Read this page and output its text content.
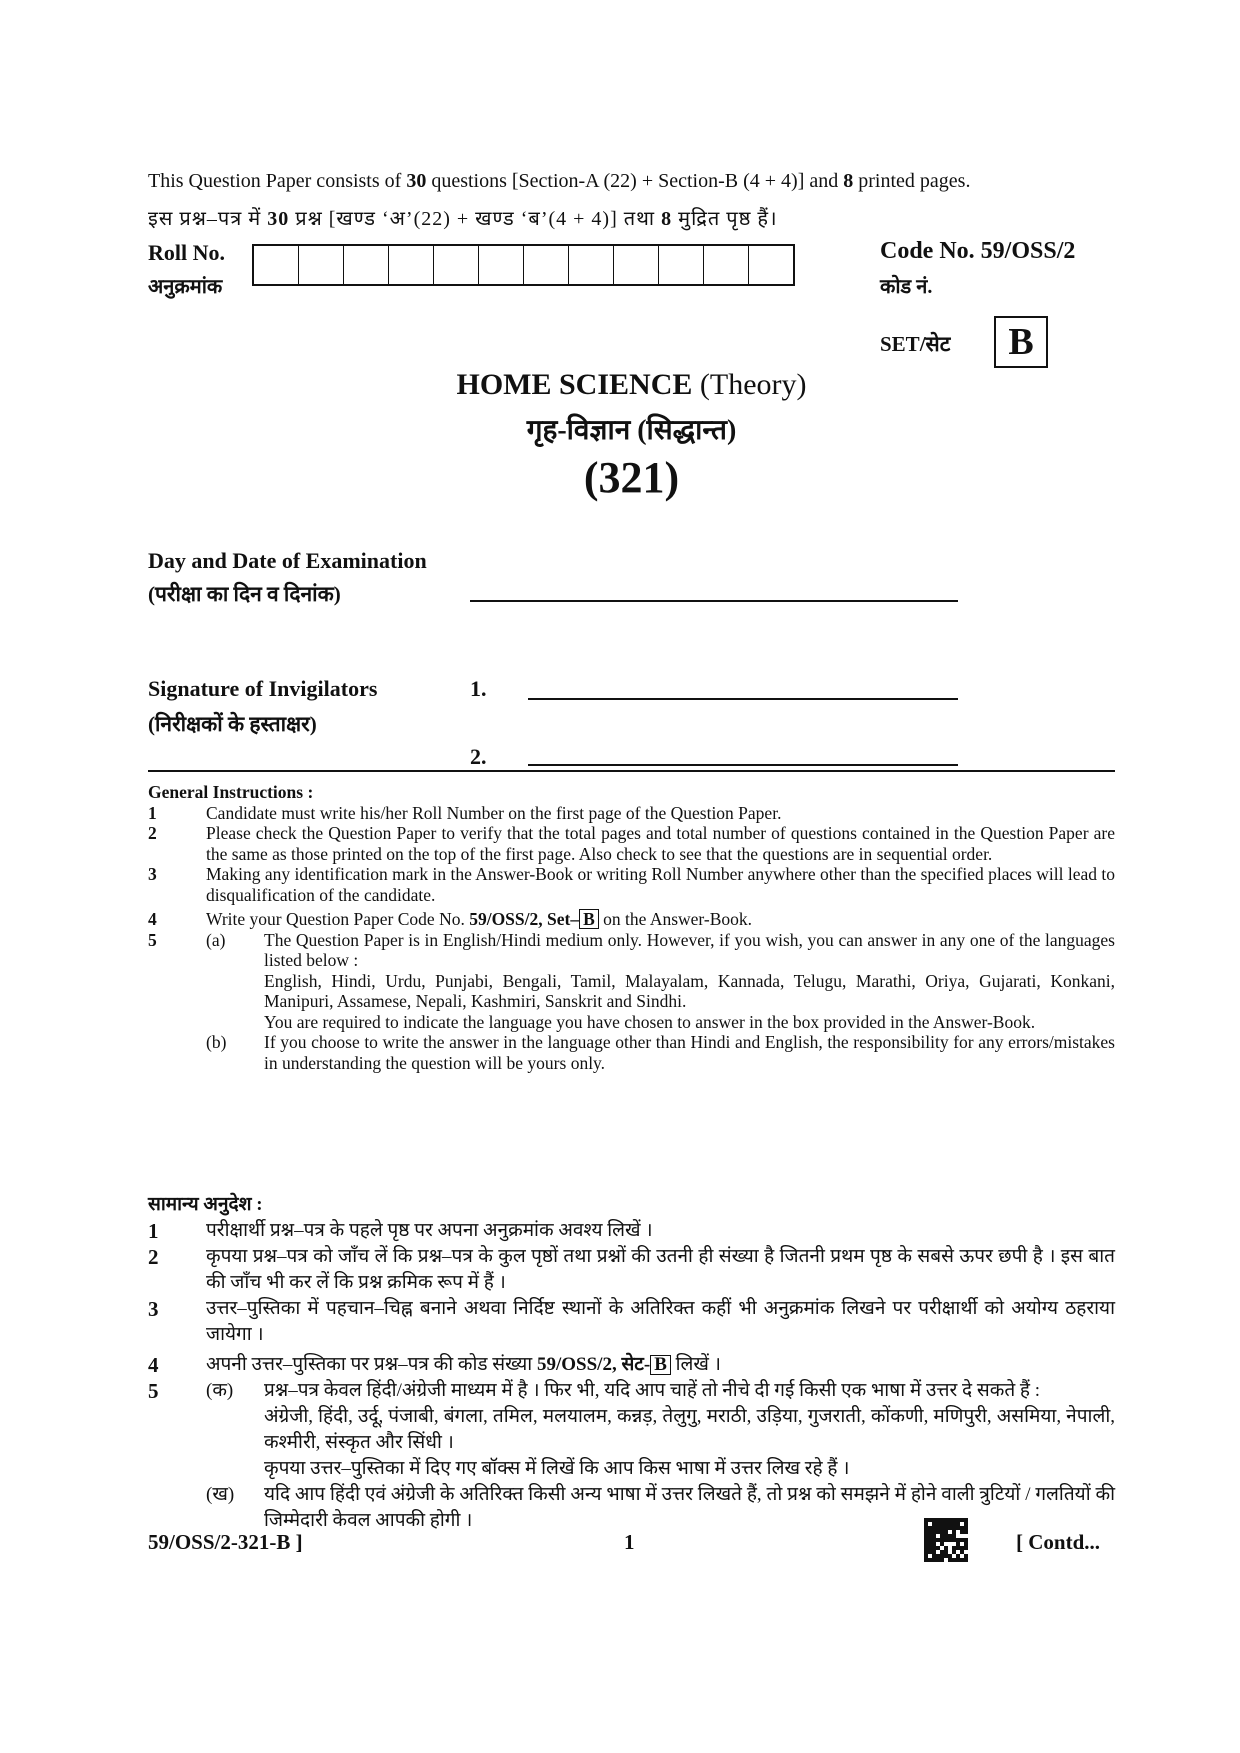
This Question Paper consists of 30 questions [Section-A (22) + Section-B (4 + 4)] and 8 printed pages.
इस प्रश्न–पत्र में 30 प्रश्न [खण्ड ‘अ’(22) + खण्ड ‘ब’(4 + 4)] तथा 8 मुद्रित पृष्ठ हैं।
Roll No.
अनुक्रमांक
Code No. 59/OSS/2
कोड नं.
SET/सेट	B
HOME SCIENCE (Theory)
गृह-विज्ञान (सिद्धान्त)
(321)
Day and Date of Examination
(परीक्षा का दिन व दिनांक)
Signature of Invigilators
(निरीक्षकों के हस्ताक्षर)
1.
2.
General Instructions :
1	Candidate must write his/her Roll Number on the first page of the Question Paper.
2	Please check the Question Paper to verify that the total pages and total number of questions contained in the Question Paper are the same as those printed on the top of the first page. Also check to see that the questions are in sequential order.
3	Making any identification mark in the Answer-Book or writing Roll Number anywhere other than the specified places will lead to disqualification of the candidate.
4	Write your Question Paper Code No. 59/OSS/2, Set– B on the Answer-Book.
5	(a)	The Question Paper is in English/Hindi medium only. However, if you wish, you can answer in any one of the languages listed below :
English, Hindi, Urdu, Punjabi, Bengali, Tamil, Malayalam, Kannada, Telugu, Marathi, Oriya, Gujarati, Konkani, Manipuri, Assamese, Nepali, Kashmiri, Sanskrit and Sindhi.
You are required to indicate the language you have chosen to answer in the box provided in the Answer-Book.
(b)	If you choose to write the answer in the language other than Hindi and English, the responsibility for any errors/mistakes in understanding the question will be yours only.
सामान्य अनुदेश :
1	परीक्षार्थी प्रश्न–पत्र के पहले पृष्ठ पर अपना अनुक्रमांक अवश्य लिखें ।
2	कृपया प्रश्न–पत्र को जाँच लें कि प्रश्न–पत्र के कुल पृष्ठों तथा प्रश्नों की उतनी ही संख्या है जितनी प्रथम पृष्ठ के सबसे ऊपर छपी है । इस बात की जाँच भी कर लें कि प्रश्न क्रमिक रूप में हैं ।
3	उत्तर–पुस्तिका में पहचान–चिह्न बनाने अथवा निर्दिष्ट स्थानों के अतिरिक्त कहीं भी अनुक्रमांक लिखने पर परीक्षार्थी को अयोग्य ठहराया जायेगा ।
4	अपनी उत्तर–पुस्तिका पर प्रश्न–पत्र की कोड संख्या 59/OSS/2, सेट- B लिखें ।
5	(क)	प्रश्न–पत्र केवल हिंदी/अंग्रेजी माध्यम में है । फिर भी, यदि आप चाहें तो नीचे दी गई किसी एक भाषा में उत्तर दे सकते हैं :
अंग्रेजी, हिंदी, उर्दू, पंजाबी, बंगला, तमिल, मलयालम, कन्नड़, तेलुगु, मराठी, उड़िया, गुजराती, कोंकणी, मणिपुरी, असमिया, नेपाली, कश्मीरी, संस्कृत और सिंधी ।
कृपया उत्तर–पुस्तिका में दिए गए बॉक्स में लिखें कि आप किस भाषा में उत्तर लिख रहे हैं ।
(ख)	यदि आप हिंदी एवं अंग्रेजी के अतिरिक्त किसी अन्य भाषा में उत्तर लिखते हैं, तो प्रश्न को समझने में होने वाली त्रुटियों / गलतियों की जिम्मेदारी केवल आपकी होगी ।
59/OSS/2-321-B ]	1	[ Contd...
